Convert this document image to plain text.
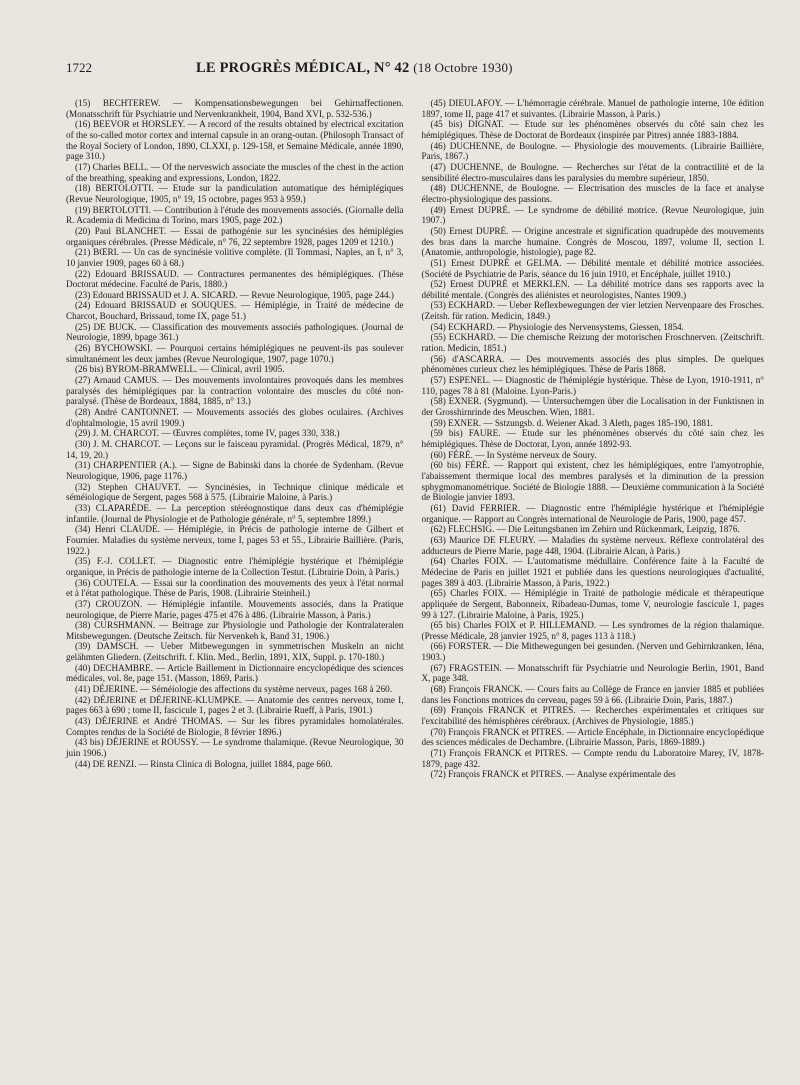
1722	LE PROGRÈS MÉDICAL, N° 42 (18 Octobre 1930)

(15) BECHTEREW. — Kompensationsbewegungen bei Gehirnaffectionen. (Monatsschrift für Psychiatrie und Nervenkrankheit, 1904, Band XVI, p. 532-536.)

(16) BEEVOR et HORSLEY. — A record of the results obtained by electrical excitation of the so-called motor cortex and internal capsule in an orang-outan. (Philosoph Transact of the Royal Society of London, 1890, CLXXI, p. 129-158, et Semaine Médicale, année 1890, page 310.)

(17) Charles BELL. — Of the nerveswich associate the muscles of the chest in the action of the breathing, speaking and expressions, London, 1822.

(18) BERTOLOTTI. — Etude sur la pandiculation automatique des hémiplégiques (Revue Neurologique, 1905, n° 19, 15 octobre, pages 953 à 959.)

(19) BERTOLOTTI. — Contribution à l'étude des mouvements associés. (Giornalle della R. Academia di Medicina di Torino, mars 1905, page 202.)

(20) Paul BLANCHET. — Essai de pathogénie sur les syncinésies des hémiplégies organiques cérébrales. (Presse Médicale, n° 76, 22 septembre 1928, pages 1209 et 1210.)

(21) BŒRI. — Un cas de syncinésie volitive complète. (Il Tommasi, Naples, an I, n° 3, 10 janvier 1909, pages 60 à 68.)

(22) Edouard BRISSAUD. — Contractures permanentes des hémiplégiques. (Thèse Doctorat médecine. Faculté de Paris, 1880.)

(23) Edouard BRISSAUD et J. A. SICARD. — Revue Neurologique, 1905, page 244.)

(24) Edouard BRISSAUD et SOUQUES. — Hémiplégie, in Traité de médecine de Charcot, Bouchard, Brissaud, tome IX, page 51.)

(25) DE BUCK. — Classification des mouvements associés pathologiques. (Journal de Neurologie, 1899, bpage 361.)

(26) BYCHOWSKI. — Pourquoi certains hémiplégiques ne peuvent-ils pas soulever simultanément les deux jambes (Revue Neurologique, 1907, page 1070.)

(26 bis) BYROM-BRAMWELL. — Clinical, avril 1905.

(27) Arnaud CAMUS. — Des mouvements involontaires provoqués dans les membres paralysés des hémiplégiques par la contraction volontaire des muscles du côté non-paralysé. (Thèse de Bordeaux, 1884, 1885, n° 13.)

(28) André CANTONNET. — Mouvements associés des globes oculaires. (Archives d'ophtalmologie, 15 avril 1909.)

(29) J. M. CHARCOT. — Œuvres complètes, tome IV, pages 330, 338.)

(30) J. M. CHARCOT. — Leçons sur le faisceau pyramidal. (Progrès Médical, 1879, n° 14, 19, 20.)

(31) CHARPENTIER (A.). — Signe de Babinski dans la chorée de Sydenham. (Revue Neurologique, 1906, page 1176.)

(32) Stephen CHAUVET. — Syncinésies, in Technique clinique médicale et séméiologique de Sergent, pages 568 à 575. (Librairie Maloine, à Paris.)

(33) CLAPARÈDE. — La perception stéréognostique dans deux cas d'hémiplégie infantile. (Journal de Physiologie et de Pathologie générale, n° 5, septembre 1899.)

(34) Henri CLAUDE. — Hémiplégie, in Précis de pathologie interne de Gilbert et Fournier. Maladies du système nerveux, tome I, pages 53 et 55., Librairie Baillière. (Paris, 1922.)

(35) F.-J. COLLET. — Diagnostic entre l'hémiplégie hystérique et l'hémiplégie organique, in Précis de pathologie interne de la Collection Testut. (Librairie Doin, à Paris.)

(36) COUTELA. — Essai sur la coordination des mouvements des yeux à l'état normal et à l'état pathologique. Thèse de Paris, 1908. (Librairie Steinheil.)

(37) CROUZON. — Hémiplégie infantile. Mouvements associés, dans la Pratique neurologique, de Pierre Marie, pages 475 et 476 à 486. (Librairie Masson, à Paris.)

(38) CURSHMANN. — Beitrage zur Physiologie und Pathologie der Kontralateralen Mitsbewegungen. (Deutsche Zeitsch. für Nervenkeh k, Band 31, 1906.)

(39) DAMSCH. — Ueber Mitbewegungen in symmetrischen Muskeln an nicht gelähmten Gliedern. (Zeitschrift. f. Klin. Med., Berlin, 1891, XIX, Suppl. p. 170-180.)

(40) DECHAMBRE. — Article Baillement in Dictionnaire encyclopédique des sciences médicales, vol. 8e, page 151. (Masson, 1869, Paris.)

(41) DÉJERINE. — Séméiologie des affections du système nerveux, pages 168 à 260.

(42) DÉJERINE et DÉJERINE-KLUMPKE. — Anatomie des centres nerveux, tome I, pages 663 à 690 ; tome II, fascicule 1, pages 2 et 3. (Librairie Rueff, à Paris, 1901.)

(43) DÉJERINE et André THOMAS. — Sur les fibres pyramidales homolatérales. Comptes rendus de la Société de Biologie, 8 février 1896.)

(43 bis) DÉJERINE et ROUSSY. — Le syndrome thalamique. (Revue Neurologique, 30 juin 1906.)

(44) DE RENZI. — Rinsta Clinica di Bologna, juillet 1884, page 660.

(45) DIEULAFOY. — L'hémorragie cérébrale. Manuel de pathologie interne, 10e édition 1897, tome II, page 417 et suivantes. (Librairie Masson, à Paris.)

(45 bis) DIGNAT. — Etude sur les phénomènes observés du côté sain chez les hémiplégiques. Thèse de Doctorat de Bordeaux (inspirée par Pitres) année 1883-1884.

(46) DUCHENNE, de Boulogne. — Physiologie des mouvements. (Librairie Baillière, Paris, 1867.)

(47) DUCHENNE, de Boulogne. — Recherches sur l'état de la contractilité et de la sensibilité électro-musculaires dans les paralysies du membre supérieur, 1850.

(48) DUCHENNE, de Boulogne. — Electrisation des muscles de la face et analyse électro-physiologique des passions.

(49) Ernest DUPRÉ. — Le syndrome de débilité motrice. (Revue Neurologique, juin 1907.)

(50) Ernest DUPRÉ. — Origine ancestrale et signification quadrupède des mouvements des bras dans la marche humaine. Congrès de Moscou, 1897, volume II, section I. (Anatomie, anthropologie, histologie), page 82.

(51) Ernest DUPRÉ et GELMA. — Débilité mentale et débilité motrice associées. (Société de Psychiatrie de Paris, séance du 16 juin 1910, et Encéphale, juillet 1910.)

(52) Ernest DUPRÉ et MERKLEN. — La débilité motrice dans ses rapports avec la débilité mentale. (Congrès des aliénistes et neurologistes, Nantes 1909.)

(53) ECKHARD. — Ueber Reflexbewegungen der vier letzien Nervenpaare des Frosches. (Zeitsh. für ration. Medicin, 1849.)

(54) ECKHARD. — Physiologie des Nervensystems, Giessen, 1854.

(55) ECKHARD. — Die chemische Reizung der motorischen Froschnerven. (Zeitschrift. ration. Medicin, 1851.)

(56) d'ASCARRA. — Des mouvements associés des plus simples. De quelques phénomènes curieux chez les hémiplégiques. Thèse de Paris 1868.

(57) ESPENEL. — Diagnostic de l'hémiplégie hystérique. Thèse de Lyon, 1910-1911, n° 110, pages 78 à 81 (Maloine. Lyon-Paris.)

(58) EXNER. (Sygmund). — Untersuchemgen über die Localisation in der Funktisnen in der Grosshirnrinde des Meuschen. Wien, 1881.

(59) EXNER. — Sstzungsb. d. Weiener Akad. 3 Aleth, pages 185-190, 1881.

(59 bis) FAURE. — Etude sur les phénomènes observés du côté sain chez les hémiplégiques. Thèse de Doctorat, Lyon, année 1892-93.

(60) FÉRÉ. — In Système nerveux de Soury.

(60 bis) FÉRÉ. — Rapport qui existent, chez les hémiplégiques, entre l'amyotrophie, l'abaissement thermique local des membres paralysés et la diminution de la pression sphygmomanométrique. Société de Biologie 1888. — Deuxième communication à la Société de Biologie janvier 1893.

(61) David FERRIER. — Diagnostic entre l'hémiplégie hystérique et l'hémiplégie organique. — Rapport au Congrès international de Neurologie de Paris, 1900, page 457.

(62) FLECHSIG. — Die Leitungsbanen im Zehirn und Rückenmark, Leipzig, 1876.

(63) Maurice DE FLEURY. — Maladies du système nerveux. Réflexe controlatéral des adducteurs de Pierre Marie, page 448, 1904. (Librairie Alcan, à Paris.)

(64) Charles FOIX. — L'automatisme médullaire. Conférence faite à la Faculté de Médecine de Paris en juillet 1921 et publiée dans les questions neurologiques d'actualité, pages 389 à 403. (Librairie Masson, à Paris, 1922.)

(65) Charles FOIX. — Hémiplégie in Traité de pathologie médicale et thérapeutique appliquée de Sergent, Babonneix, Ribadeau-Dumas, tome V, neurologie fascicule 1, pages 99 à 127. (Librairie Maloine, à Paris, 1925.)

(65 bis) Charles FOIX et P. HILLEMAND. — Les syndromes de la région thalamique. (Presse Médicale, 28 janvier 1925, n° 8, pages 113 à 118.)

(66) FORSTER. — Die Mithewegungen bei gesunden. (Nerven und Gehirnkranken, Iéna, 1903.)

(67) FRAGSTEIN. — Monatsschrift für Psychiatrie und Neurologie Berlin, 1901, Band X, page 348.

(68) François FRANCK. — Cours faits au Collège de France en janvier 1885 et publiées dans les Fonctions motrices du cerveau, pages 59 à 66. (Librairie Doin, Paris, 1887.)

(69) François FRANCK et PITRES. — Recherches expérimentales et critiques sur l'excitabilité des hémisphères cérébraux. (Archives de Physiologie, 1885.)

(70) François FRANCK et PITRES. — Article Encéphale, in Dictionnaire encyclopédique des sciences médicales de Dechambre. (Librairie Masson, Paris, 1869-1889.)

(71) François FRANCK et PITRES. — Compte rendu du Laboratoire Marey, IV, 1878-1879, page 432.

(72) François FRANCK et PITRES. — Analyse expérimentale des
